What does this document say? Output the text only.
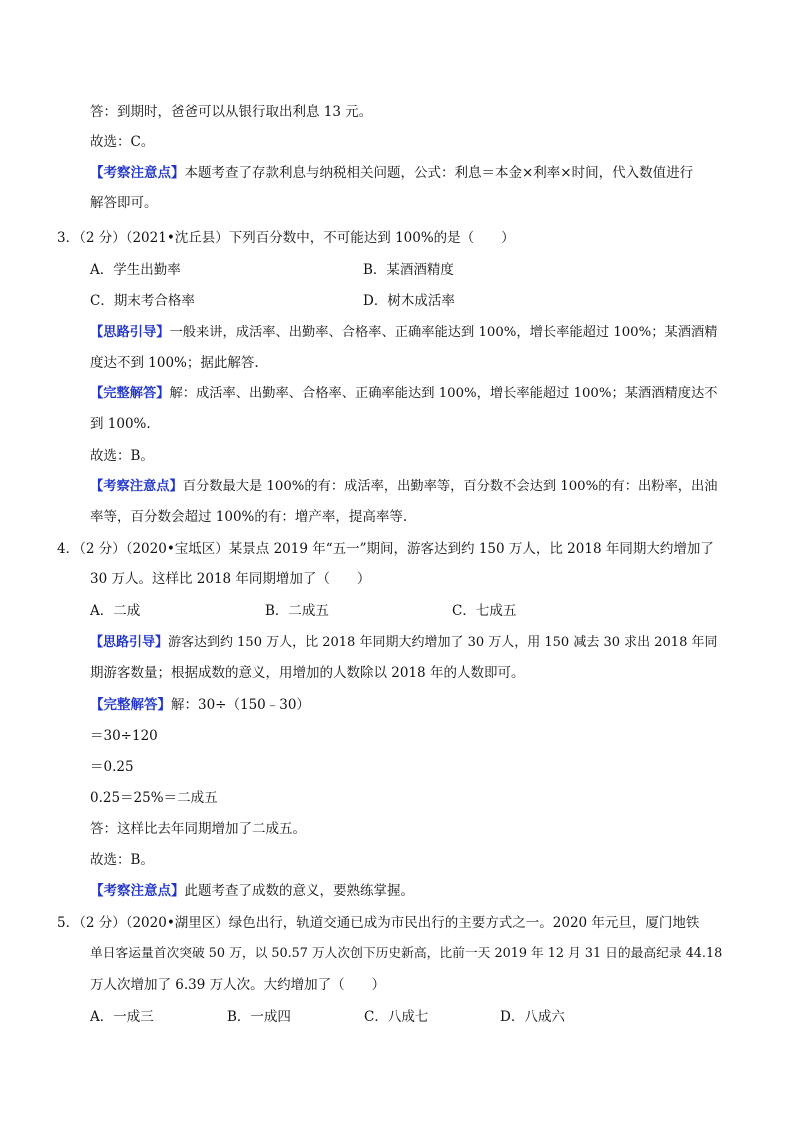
答：到期时，爸爸可以从银行取出利息 13 元。
故选：C。
【考察注意点】本题考查了存款利息与纳税相关问题，公式：利息＝本金×利率×时间，代入数值进行
解答即可。
3．（2 分）（2021•沈丘县）下列百分数中，不可能达到 100%的是（　　）
A．学生出勤率	B．某酒酒精度
C．期末考合格率	D．树木成活率
【思路引导】一般来讲，成活率、出勤率、合格率、正确率能达到 100%，增长率能超过 100%；某酒酒精
度达不到 100%；据此解答.
【完整解答】解：成活率、出勤率、合格率、正确率能达到 100%，增长率能超过 100%；某酒酒精度达不
到 100%.
故选：B。
【考察注意点】百分数最大是 100%的有：成活率，出勤率等，百分数不会达到 100%的有：出粉率，出油
率等，百分数会超过 100%的有：增产率，提高率等.
4．（2 分）（2020•宝坻区）某景点 2019 年“五一”期间，游客达到约 150 万人，比 2018 年同期大约增加了
30 万人。这样比 2018 年同期增加了（　　）
A．二成	B．二成五	C．七成五
【思路引导】游客达到约 150 万人，比 2018 年同期大约增加了 30 万人，用 150 减去 30 求出 2018 年同
期游客数量；根据成数的意义，用增加的人数除以 2018 年的人数即可。
【完整解答】解：30÷（150﹣30）
＝30÷120
＝0.25
0.25＝25%＝二成五
答：这样比去年同期增加了二成五。
故选：B。
【考察注意点】此题考查了成数的意义，要熟练掌握。
5．（2 分）（2020•湖里区）绿色出行，轨道交通已成为市民出行的主要方式之一。2020 年元旦，厦门地铁
单日客运量首次突破 50 万，以 50.57 万人次创下历史新高，比前一天 2019 年 12 月 31 日的最高纪录 44.18
万人次增加了 6.39 万人次。大约增加了（　　）
A．一成三	B．一成四	C．八成七	D．八成六
